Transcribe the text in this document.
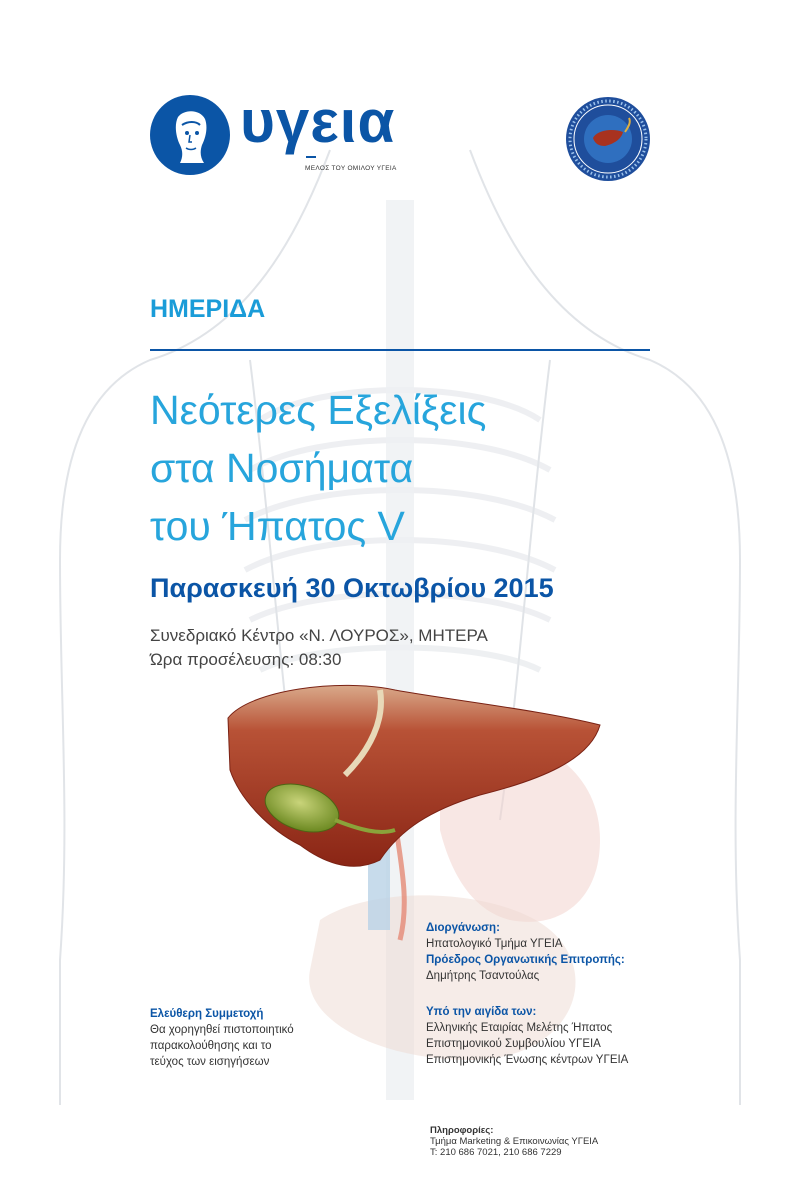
υγεια
ΜΕΛΟΣ ΤΟΥ ΟΜΙΛΟΥ ΥΓΕΙΑ
ΗΜΕΡΙΔΑ
Νεότερες Εξελίξεις
στα Νοσήματα
του Ήπατος V
Παρασκευή 30 Οκτωβρίου 2015
Συνεδριακό Κέντρο «Ν. ΛΟΥΡΟΣ», ΜΗΤΕΡΑ
Ώρα προσέλευσης: 08:30
Διοργάνωση:
Ηπατολογικό Τμήμα ΥΓΕΙΑ
Πρόεδρος Οργανωτικής Επιτροπής:
Δημήτρης Τσαντούλας
Υπό την αιγίδα των:
Ελληνικής Εταιρίας Μελέτης Ήπατος
Επιστημονικού Συμβουλίου ΥΓΕΙΑ
Επιστημονικής Ένωσης κέντρων ΥΓΕΙΑ
Ελεύθερη Συμμετοχή
Θα χορηγηθεί πιστοποιητικό
παρακολούθησης και το
τεύχος των εισηγήσεων
Πληροφορίες:
Τμήμα Marketing & Επικοινωνίας ΥΓΕΙΑ
Τ: 210 686 7021, 210 686 7229
